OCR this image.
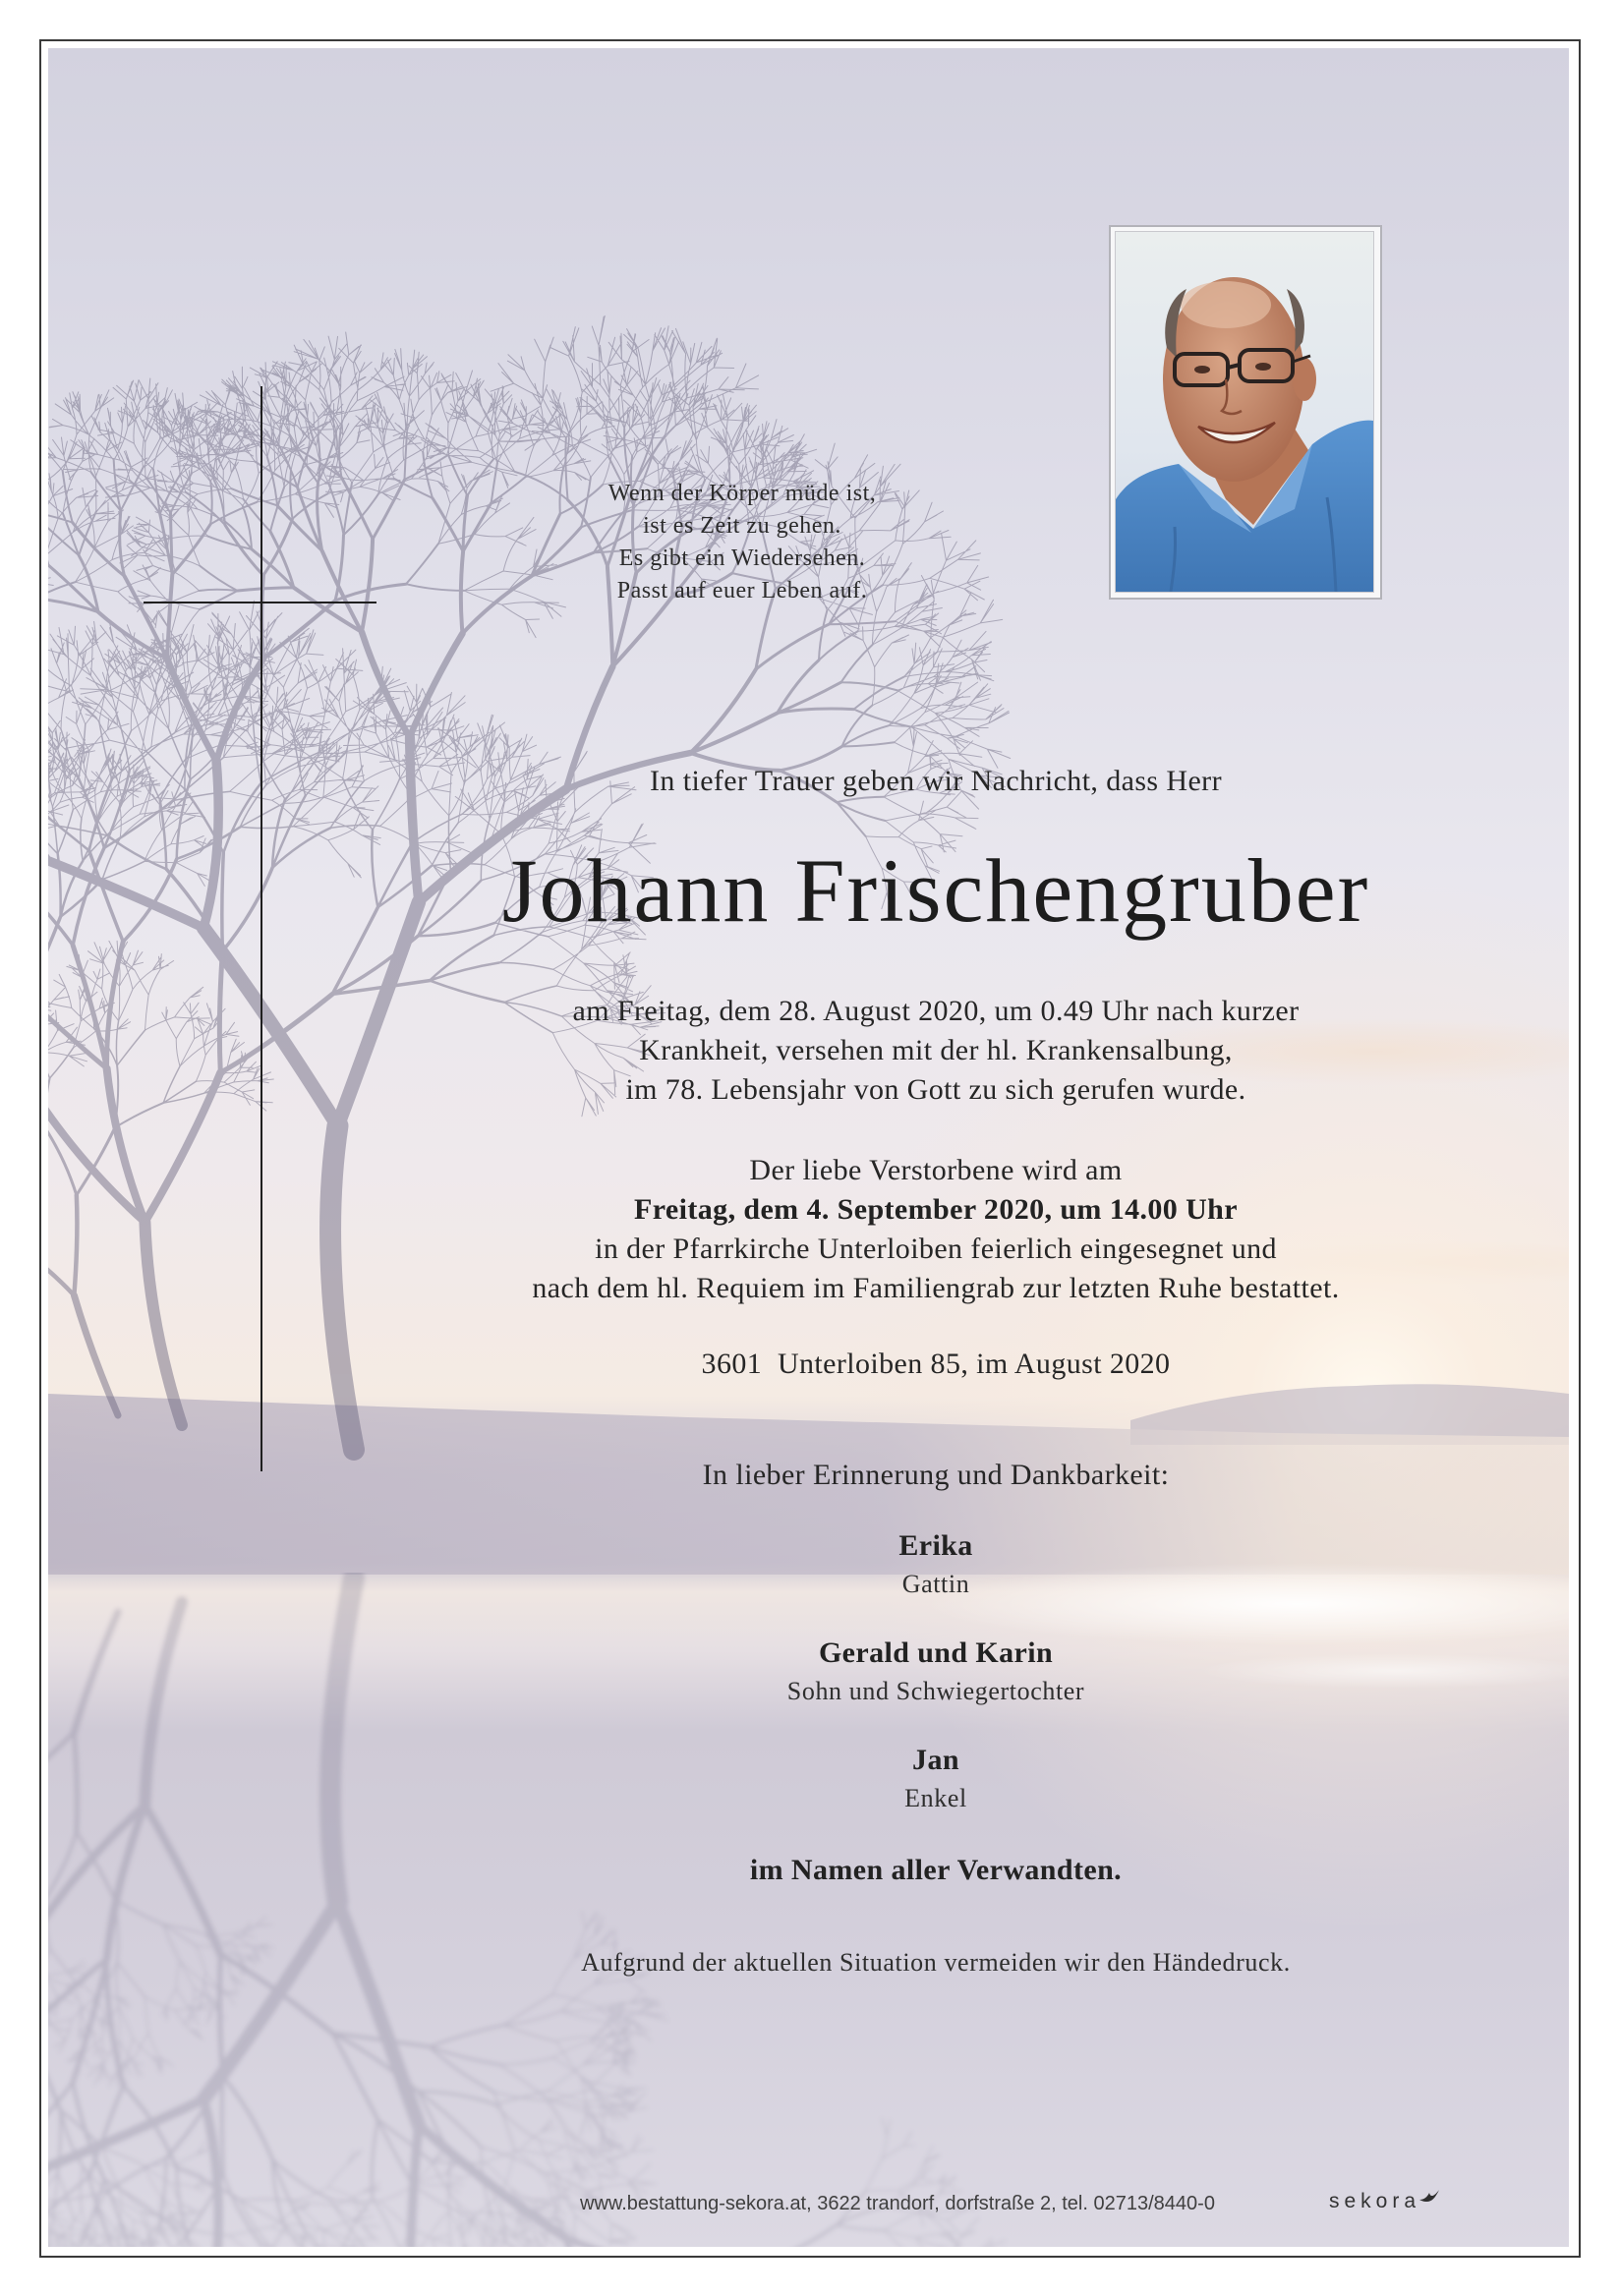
Wenn der Körper müde ist,
ist es Zeit zu gehen.
Es gibt ein Wiedersehen.
Passt auf euer Leben auf.
In tiefer Trauer geben wir Nachricht, dass Herr
Johann Frischengruber
am Freitag, dem 28. August 2020, um 0.49 Uhr nach kurzer
Krankheit, versehen mit der hl. Krankensalbung,
im 78. Lebensjahr von Gott zu sich gerufen wurde.
Der liebe Verstorbene wird am
Freitag, dem 4. September 2020, um 14.00 Uhr
in der Pfarrkirche Unterloiben feierlich eingesegnet und
nach dem hl. Requiem im Familiengrab zur letzten Ruhe bestattet.
3601  Unterloiben 85, im August 2020
In lieber Erinnerung und Dankbarkeit:
Erika
Gattin
Gerald und Karin
Sohn und Schwiegertochter
Jan
Enkel
im Namen aller Verwandten.
Aufgrund der aktuellen Situation vermeiden wir den Händedruck.
www.bestattung-sekora.at, 3622 trandorf, dorfstraße 2, tel. 02713/8440-0	sekora
